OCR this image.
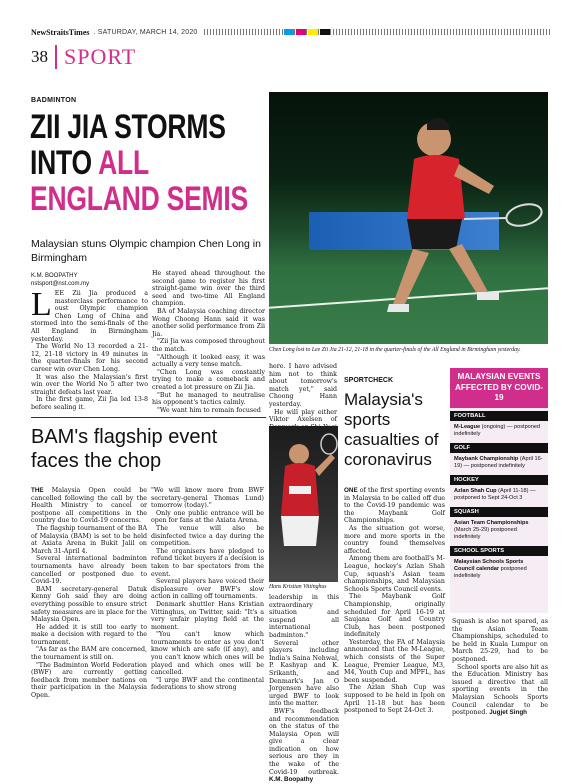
NewStraitsTimes . SATURDAY, MARCH 14, 2020
38 SPORT
BADMINTON
ZII JIA STORMS
INTO ALL
ENGLAND SEMIS
Malaysian stuns Olympic champion Chen Long in Birmingham
K.M. BOOPATHY
nstsport@nst.com.my
L EE Zii Jia produced a masterclass performance to oust Olympic champion Chen Long of China and stormed into the semi-finals of the All England in Birmingham yesterday.

The World No 13 recorded a 21-12, 21-18 victory in 49 minutes in the quarter-finals for his second career win over Chen Long.

It was also the Malaysian's first win over the World No 5 after two straight defeats last year.

In the first game, Zii Jia led 13-8 before sealing it.

He stayed ahead throughout the second game to register his first straight-game win over the third seed and two-time All England champion.

BA of Malaysia coaching director Wong Choong Hann said it was another solid performance from Zii Jia.

"Zii Jia was composed throughout the match.

"Although it looked easy, it was actually a very tense match.

"Chen Long was constantly trying to make a comeback and created a lot pressure on Zii Jia.

"But he managed to neutralise his opponent's tactics calmly.

"We want him to remain focused

Chen Long lost to Lee Zii Jia 21-12, 21-18 in the quarter-finals of the All England in Birmingham yesterday.

here. I have advised him not to think about tomorrow's match yet," said Choong Hann yesterday.

He will play either Viktor Axelsen of

BAM's flagship event faces the chop

THE Malaysia Open could be cancelled following the call by the Health Ministry to cancel or postpone all competitions in the country due to Covid-19 concerns.

The flagship tournament of the BA of Malaysia (BAM) is set to be held at Axiata Arena in Bukit Jalil on March 31-April 4.

Several international badminton tournaments have already been cancelled or postponed due to Covid-19.

BAM secretary-general Datuk Kenny Goh said they are doing everything possible to ensure strict safety measures are in place for the Malaysia Open.

He added it is still too early to make a decision with regard to the tournament.

"As far as the BAM are concerned, the tournament is still on.

"The Badminton World Federation (BWF) are currently getting feedback from member nations on their participation in the Malaysia Open.

"We will know more from BWF secretary-general Thomas Lund) tomorrow (today)."

Only one public entrance will be open for fans at the Axiata Arena.

The venue will also be disinfected twice a day during the competition.

The organisers have pledged to refund ticket buyers if a decision is taken to bar spectators from the event.

Several players have voiced their displeasure over BWF's slow action in calling off tournaments.

Denmark shuttler Hans Kristian Vittinghus, on Twitter, said: "It's a very unfair playing field at the moment.

"You can't know which tournaments to enter as you don't know which are safe (if any), and you can't know which ones will be played and which ones will be cancelled.

"I urge BWF and the continental federations to show strong

Hans Kristian Vittinghus

leadership in this extraordinary situation and suspend all international badminton."

Several other players including India's Saina Nehwal, P. Kashyap and K. Srikanth, and Denmark's Jan O Jorgensen have also urged BWF to look into the matter.

BWF's feedback and recommendation on the status of the Malaysia Open will give a clear indication on how serious are they in the wake of the Covid-19 outbreak. K.M. Boopathy

SPORTCHECK
Malaysia's sports casualties of coronavirus

ONE of the first sporting events in Malaysia to be called off due to the Covid-19 pandemic was the Maybank Golf Championships.

As the situation got worse, more and more sports in the country found themselves affected.

Among them are football's M-League, hockey's Azlan Shah Cup, squash's Asian team championships, and Malaysian Schools Sports Council events.

The Maybank Golf Championship, originally scheduled for April 16-19 at Saujana Golf and Country Club, has been postponed indefinitely

Yesterday, the FA of Malaysia announced that the M-League, which consists of the Super League, Premier League, M3, M4, Youth Cup and MPFL, has been suspended.

The Azlan Shah Cup was supposed to be held in Ipoh on April 11-18 but has been postponed to Sept 24-Oct 3.

MALAYSIAN EVENTS AFFECTED BY COVID-19
FOOTBALL
M-League (ongoing) — postponed indefinitely
GOLF
Maybank Championship (April 16-19) — postponed indefinitely
HOCKEY
Azlan Shah Cup (April 11-18) — postponed to Sept 24-Oct 3
SQUASH
Asian Team Championships (March 25-29) postponed indefinitely
SCHOOL SPORTS
Malaysian Schools Sports Council calendar postponed indefinitely

Squash is also not spared, as the Asian Team Championships, scheduled to be held in Kuala Lumpur on March 25-29, had to be postponed.

School sports are also hit as the Education Ministry has issued a directive that all sporting events in the Malaysian Schools Sports Council calendar to be postponed. Jugjet Singh
